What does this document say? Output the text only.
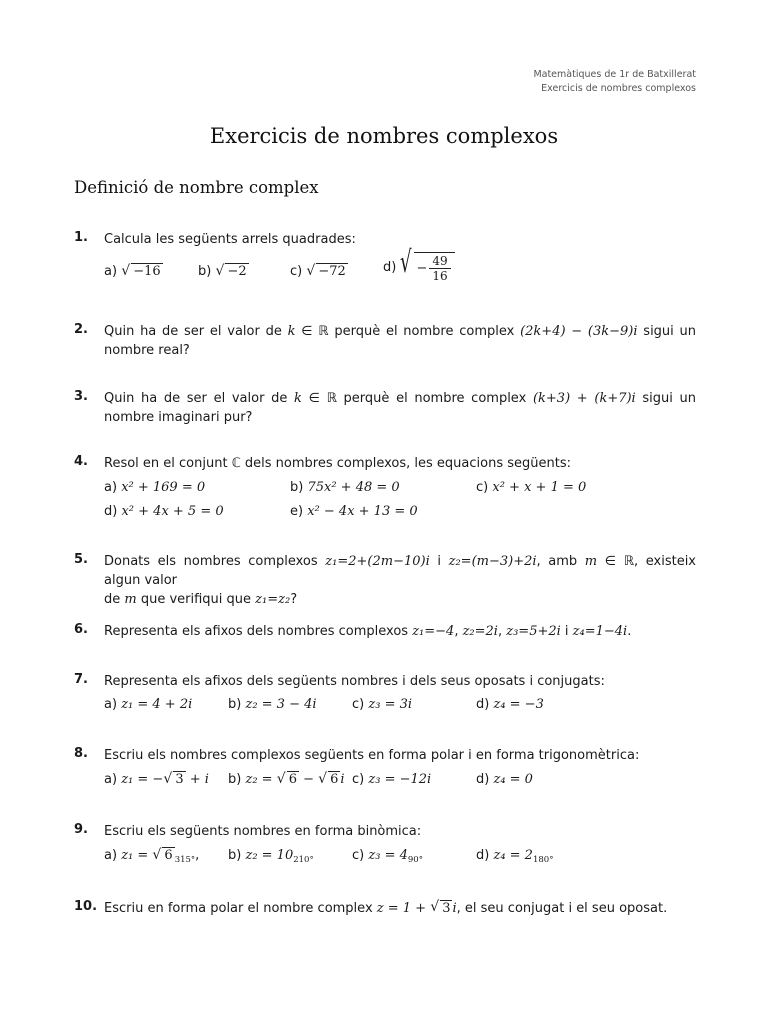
Matemàtiques de 1r de Batxillerat
Exercicis de nombres complexos
Exercicis de nombres complexos
Definició de nombre complex
1. Calcula les següents arrels quadrades:
a) √ −16	b) √ −2	c) √ −72	d) √ − $\frac{49}{16}$
2. Quin ha de ser el valor de k ∈ ℝ perquè el nombre complex (2k+4) − (3k−9)i sigui un nombre real?
3. Quin ha de ser el valor de k ∈ ℝ perquè el nombre complex (k+3) + (k+7)i sigui un nombre imaginari pur?
4. Resol en el conjunt ℂ dels nombres complexos, les equacions següents:
a) x² + 169 = 0	b) 75x² + 48 = 0	c) x² + x + 1 = 0
d) x² + 4x + 5 = 0	e) x² − 4x + 13 = 0
5. Donats els nombres complexos z₁=2+(2m−10)i i z₂=(m−3)+2i, amb m ∈ ℝ, existeix algun valor
de m que verifiqui que z₁=z₂?
6. Representa els afixos dels nombres complexos z₁=−4, z₂=2i, z₃=5+2i i z₄=1−4i.
7. Representa els afixos dels següents nombres i dels seus oposats i conjugats:
a) z₁ = 4 + 2i	b) z₂ = 3 − 4i	c) z₃ = 3i	d) z₄ = −3
8. Escriu els nombres complexos següents en forma polar i en forma trigonomètrica:
a) z₁ = − √ 3 + i b) z₂ = √ 6 − √ 6 i c) z₃ = −12i	d) z₄ = 0
9. Escriu els següents nombres en forma binòmica:
a) z₁ = √ 6 $_{315^\circ}$, b) $z_2 = 10_{210^\circ}$	c) $z_3 = 4_{90^\circ}$	d) $z_4 = 2_{180^\circ}$
10. Escriu en forma polar el nombre complex z = 1 + √ 3 i, el seu conjugat i el seu oposat.
